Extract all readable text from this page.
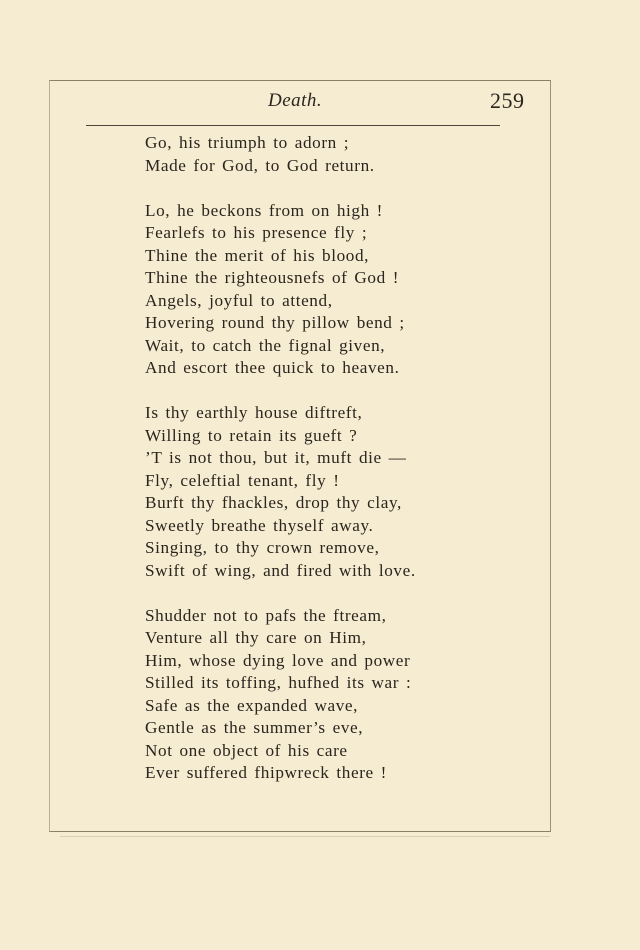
Death.	259
Go, his triumph to adorn ;
Made for God, to God return.
Lo, he beckons from on high !
Fearlefs to his presence fly ;
Thine the merit of his blood,
Thine the righteousnefs of God !
Angels, joyful to attend,
Hovering round thy pillow bend ;
Wait, to catch the fignal given,
And escort thee quick to heaven.
Is thy earthly house diftreft,
Willing to retain its gueft ?
’T is not thou, but it, muft die —
Fly, celeftial tenant, fly !
Burft thy fhackles, drop thy clay,
Sweetly breathe thyself away.
Singing, to thy crown remove,
Swift of wing, and fired with love.
Shudder not to pafs the ftream,
Venture all thy care on Him,
Him, whose dying love and power
Stilled its toffing, hufhed its war :
Safe as the expanded wave,
Gentle as the summer’s eve,
Not one object of his care
Ever suffered fhipwreck there !
